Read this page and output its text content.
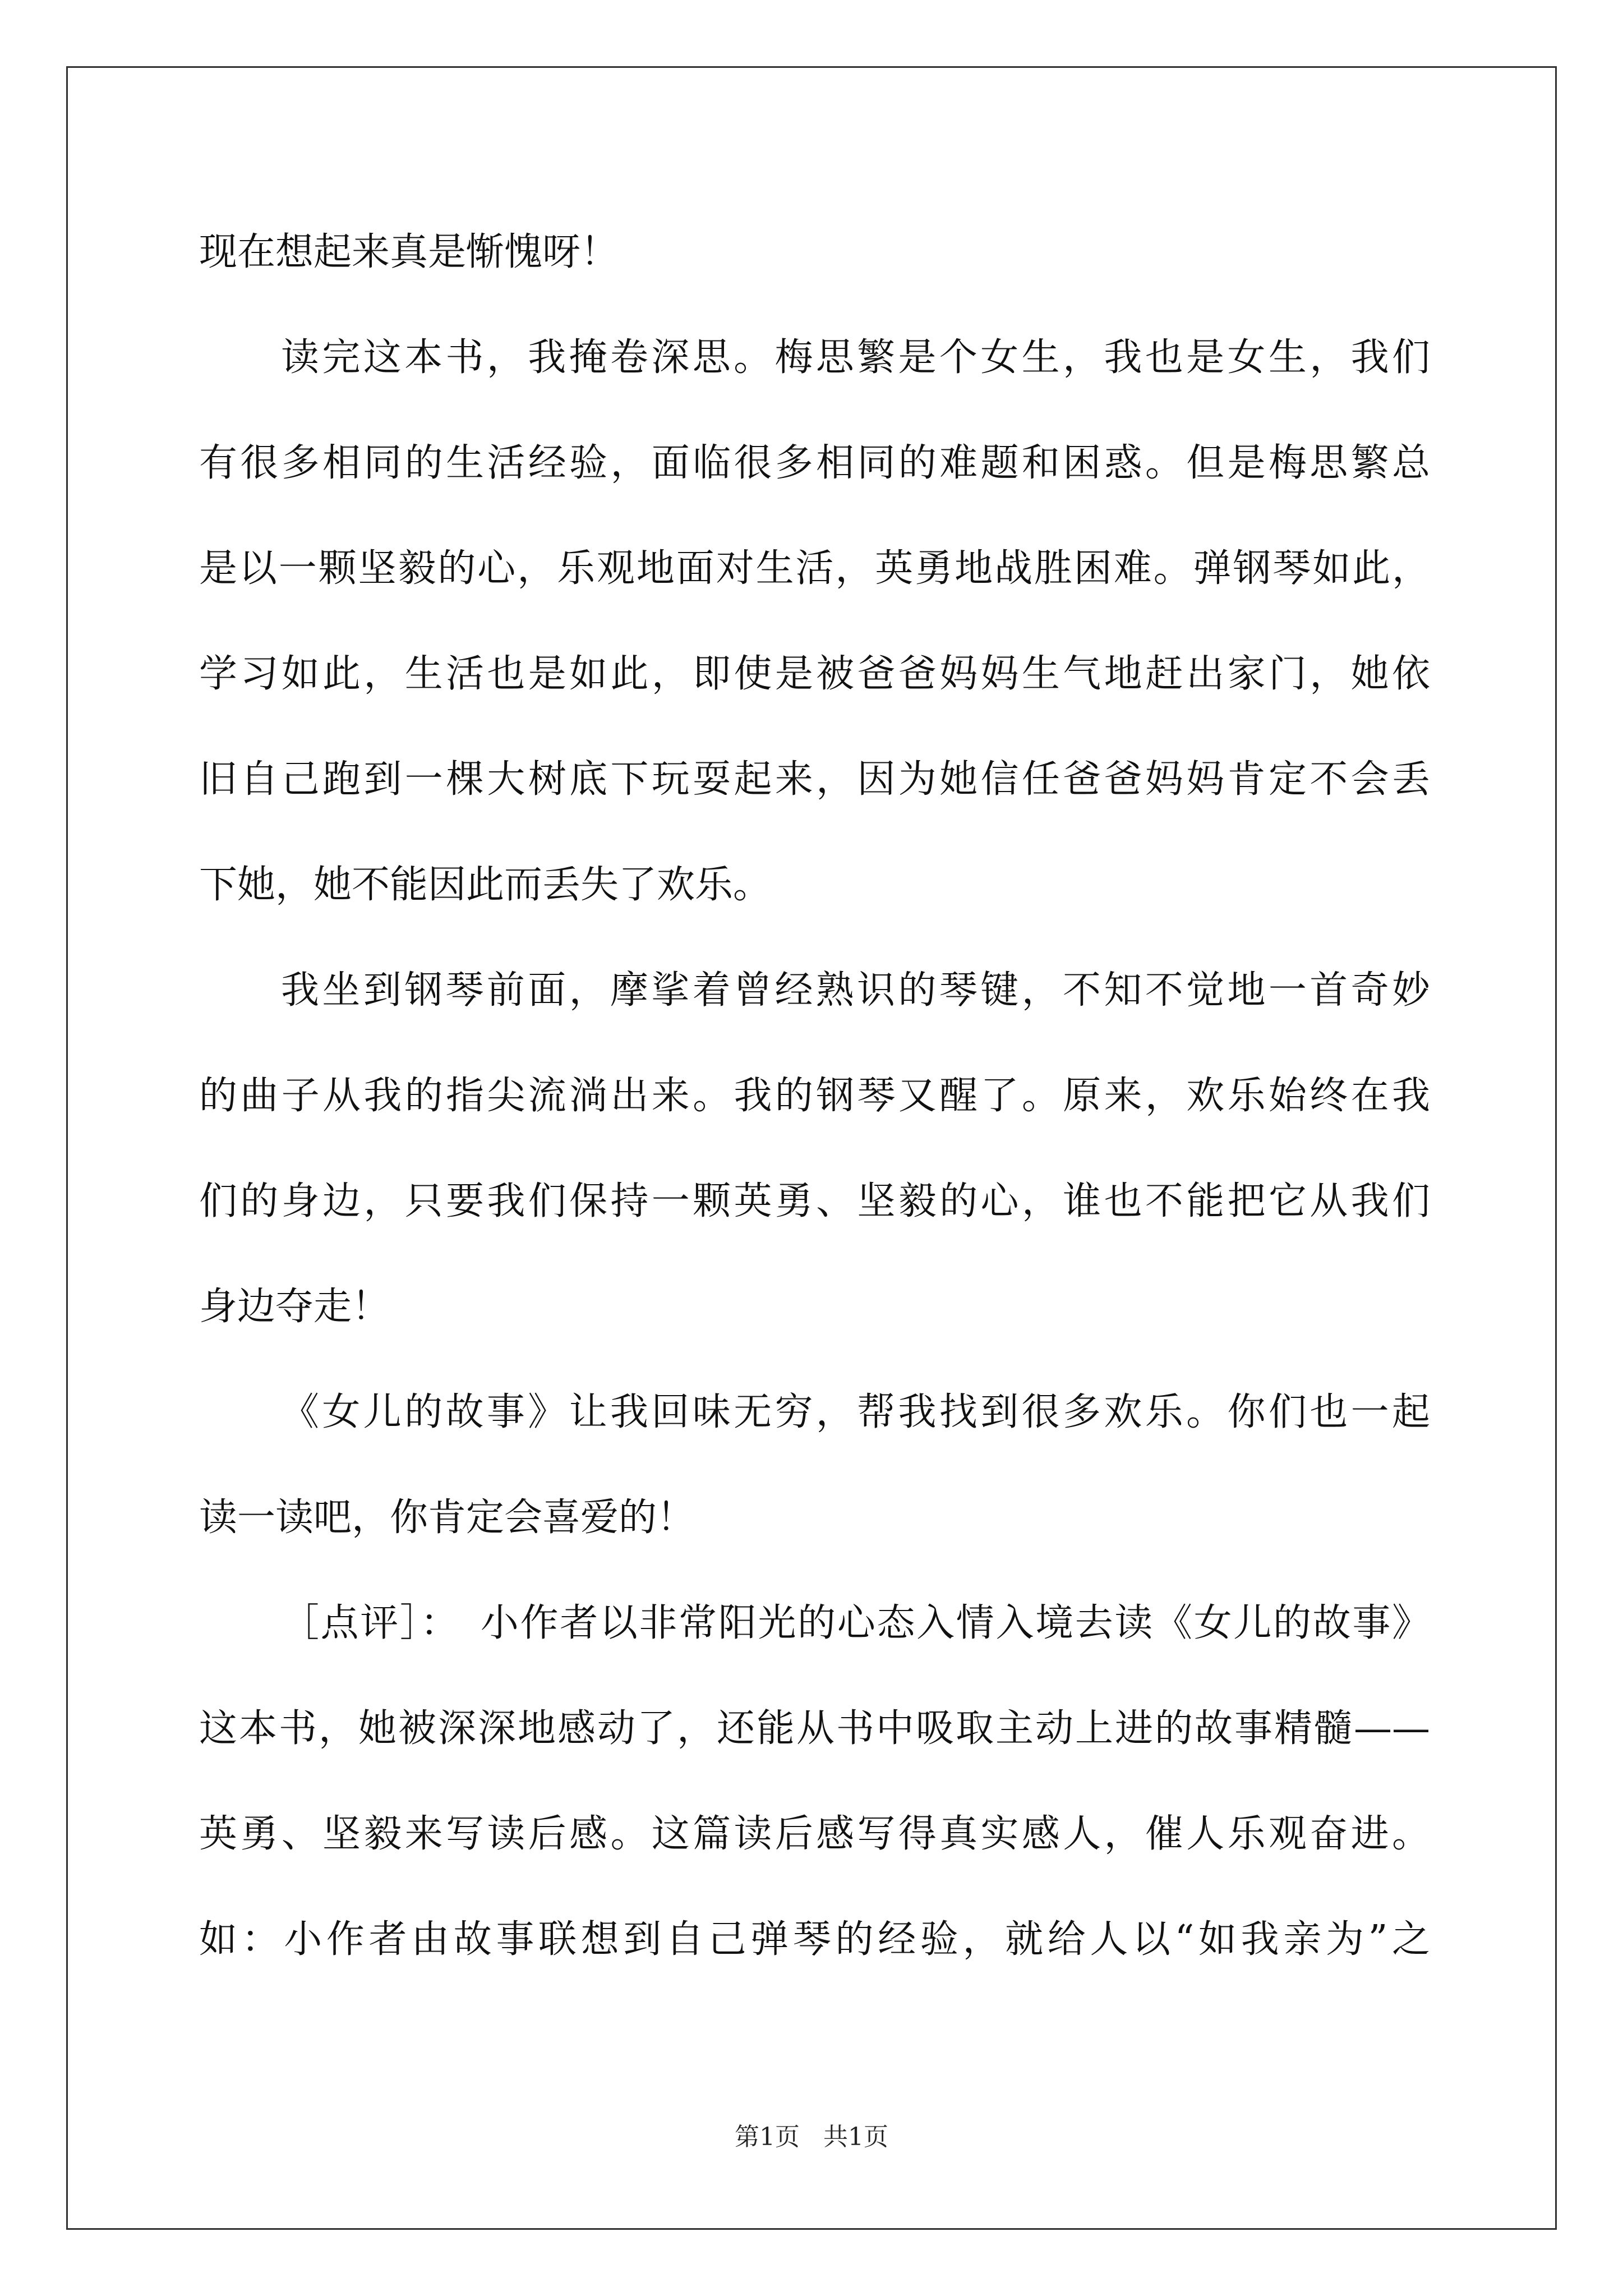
现在想起来真是惭愧呀！
读完这本书，我掩卷深思。梅思繁是个女生，我也是女生，我们
有很多相同的生活经验，面临很多相同的难题和困惑。但是梅思繁总
是以一颗坚毅的心，乐观地面对生活，英勇地战胜困难。弹钢琴如此，
学习如此，生活也是如此，即使是被爸爸妈妈生气地赶出家门，她依
旧自己跑到一棵大树底下玩耍起来，因为她信任爸爸妈妈肯定不会丢
下她，她不能因此而丢失了欢乐。
我坐到钢琴前面，摩挲着曾经熟识的琴键，不知不觉地一首奇妙
的曲子从我的指尖流淌出来。我的钢琴又醒了。原来，欢乐始终在我
们的身边，只要我们保持一颗英勇、坚毅的心，谁也不能把它从我们
身边夺走！
《女儿的故事》让我回味无穷，帮我找到很多欢乐。你们也一起
读一读吧，你肯定会喜爱的！
［点评］：　小作者以非常阳光的心态入情入境去读《女儿的故事》
这本书，她被深深地感动了，还能从书中吸取主动上进的故事精髓——
英勇、坚毅来写读后感。这篇读后感写得真实感人，催人乐观奋进。
如：小作者由故事联想到自己弹琴的经验，就给人以“如我亲为”之
第1页 共1页
